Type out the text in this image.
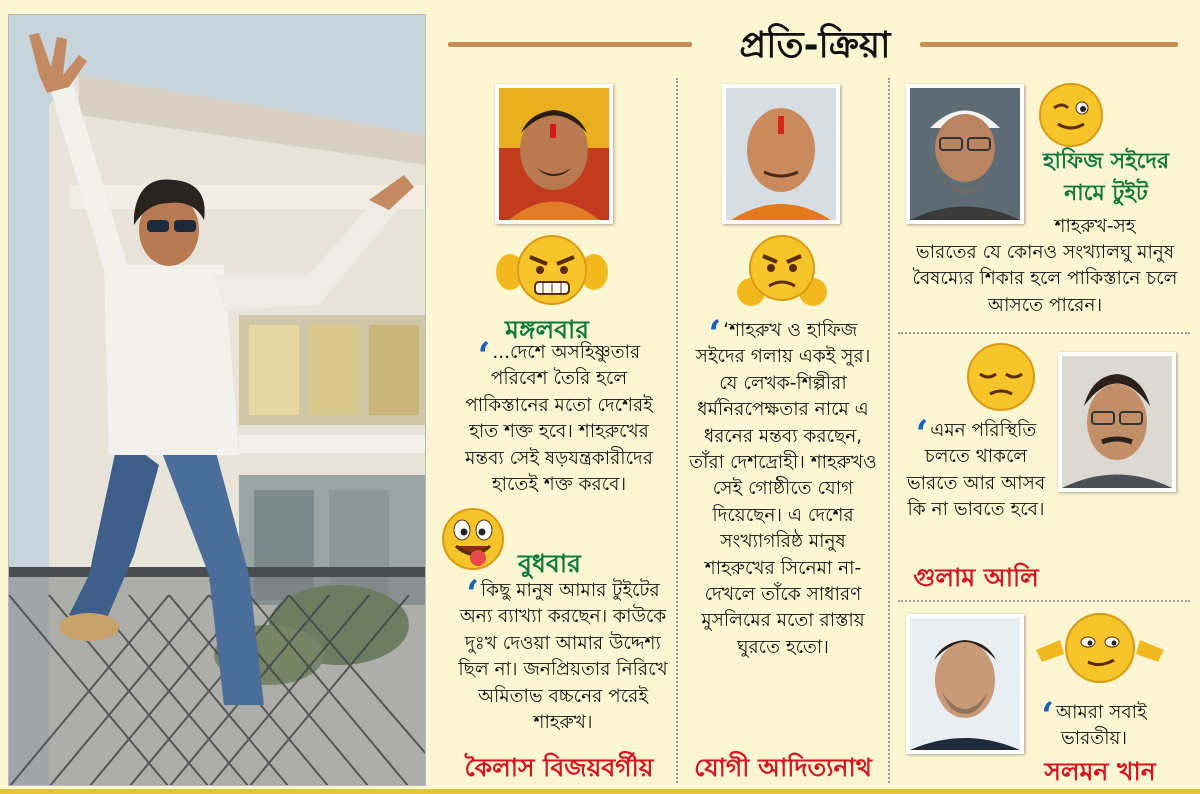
প্রতি-ক্রিয়া
মঙ্গলবার
‘ ...দেশে অসহিষ্ণুতার পরিবেশ তৈরি হলে পাকিস্তানের মতো দেশেরই হাত শক্ত হবে। শাহরুখের মন্তব্য সেই ষড়যন্ত্রকারীদের হাতেই শক্ত করবে।
বুধবার
‘ কিছু মানুষ আমার টুইটের অন্য ব্যাখ্যা করছেন। কাউকে দুঃখ দেওয়া আমার উদ্দেশ্য ছিল না। জনপ্রিয়তার নিরিখে অমিতাভ বচ্চনের পরেই শাহরুখ।
কৈলাস বিজয়বর্গীয়
‘ ‘শাহরুখ ও হাফিজ সইদের গলায় একই সুর। যে লেখক-শিল্পীরা ধর্মনিরপেক্ষতার নামে এ ধরনের মন্তব্য করছেন, তাঁরা দেশদ্রোহী। শাহরুখও সেই গোষ্ঠীতে যোগ দিয়েছেন। এ দেশের সংখ্যাগরিষ্ঠ মানুষ শাহরুখের সিনেমা না-দেখলে তাঁকে সাধারণ মুসলিমের মতো রাস্তায় ঘুরতে হতো।
যোগী আদিত্যনাথ
হাফিজ সইদের
নামে টুইট
শাহরুখ-সহ
ভারতের যে কোনও সংখ্যালঘু মানুষ বৈষম্যের শিকার হলে পাকিস্তানে চলে আসতে পারেন।
‘ এমন পরিস্থিতি চলতে থাকলে ভারতে আর আসব কি না ভাবতে হবে।
গুলাম আলি
‘ আমরা সবাই ভারতীয়।
সলমন খান
